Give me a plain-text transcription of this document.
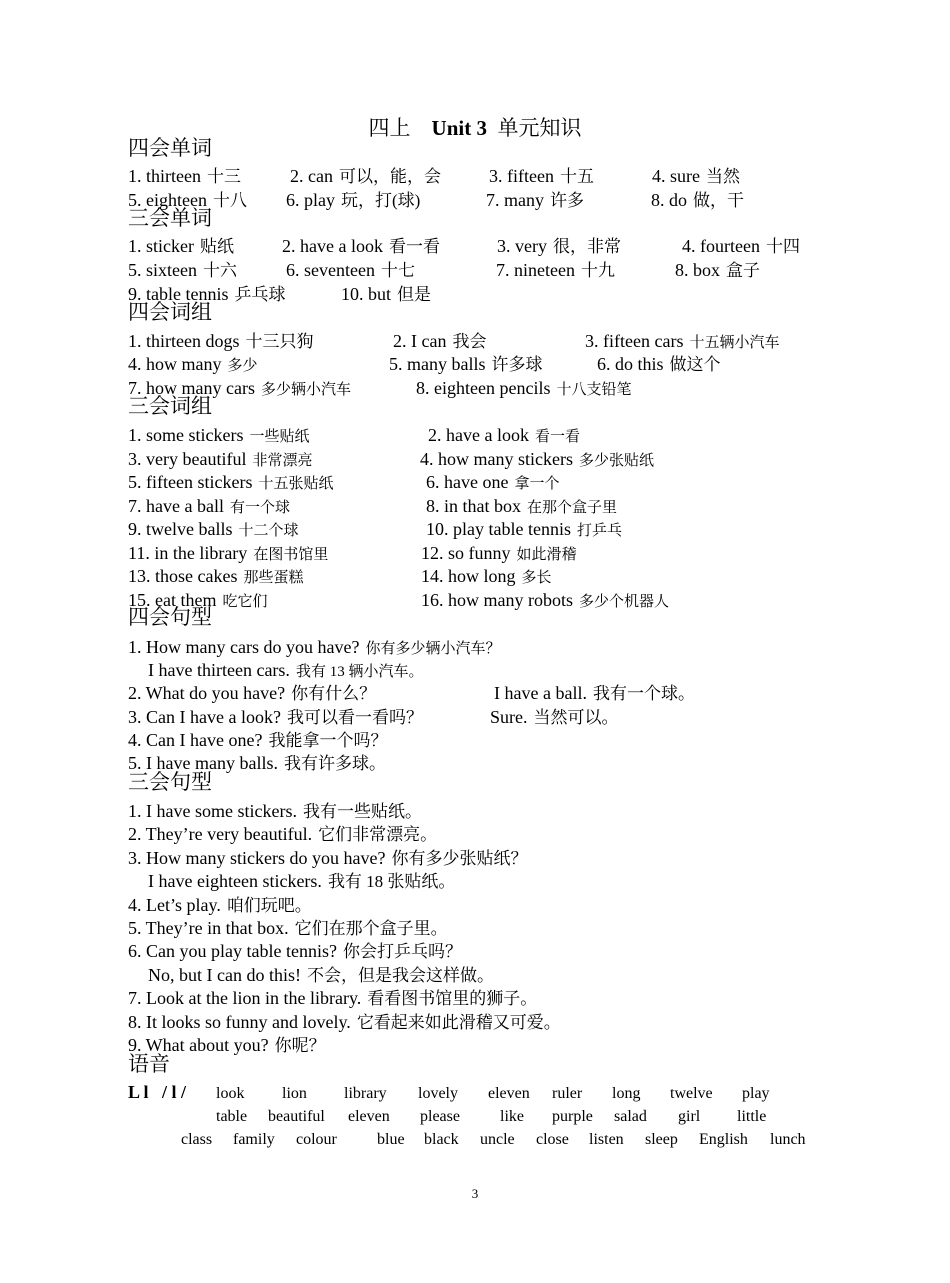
四上 Unit 3 单元知识
四会单词
1. thirteen 十三	2. can 可以，能，会	3. fifteen 十五	4. sure 当然
5. eighteen 十八 6. play 玩，打(球)	7. many 许多	8. do 做，干
三会单词
1. sticker 贴纸	2. have a look 看一看	3. very 很，非常	4. fourteen 十四
5. sixteen 十六	6. seventeen 十七	7. nineteen 十九	8. box 盒子
9. table tennis 乒乓球	10. but 但是
四会词组
1. thirteen dogs 十三只狗	2. I can 我会	3. fifteen cars 十五辆小汽车
4. how many 多少	5. many balls 许多球	6. do this 做这个
7. how many cars 多少辆小汽车	8. eighteen pencils 十八支铅笔
三会词组
1. some stickers 一些贴纸	2. have a look 看一看
3. very beautiful 非常漂亮	4. how many stickers 多少张贴纸
5. fifteen stickers 十五张贴纸	6. have one 拿一个
7. have a ball 有一个球	8. in that box 在那个盒子里
9. twelve balls 十二个球	10. play table tennis 打乒乓
11. in the library 在图书馆里	12. so funny 如此滑稽
13. those cakes 那些蛋糕	14. how long 多长
15. eat them 吃它们	16. how many robots 多少个机器人
四会句型
1. How many cars do you have? 你有多少辆小汽车？
I have thirteen cars. 我有 13 辆小汽车。
2. What do you have? 你有什么？	I have a ball. 我有一个球。
3. Can I have a look? 我可以看一看吗？	Sure. 当然可以。
4. Can I have one? 我能拿一个吗？
5. I have many balls. 我有许多球。
三会句型
1. I have some stickers. 我有一些贴纸。
2. They’re very beautiful. 它们非常漂亮。
3. How many stickers do you have? 你有多少张贴纸？
I have eighteen stickers. 我有 18 张贴纸。
4. Let’s play. 咱们玩吧。
5. They’re in that box. 它们在那个盒子里。
6. Can you play table tennis? 你会打乒乓吗？
No, but I can do this! 不会，但是我会这样做。
7. Look at the lion in the library. 看看图书馆里的狮子。
8. It looks so funny and lovely. 它看起来如此滑稽又可爱。
9. What about you? 你呢？
语音
L l   / l / look lion library lovely eleven ruler long twelve play
table beautiful eleven please	like purple salad girl little
class family colour	blue black uncle close listen sleep English lunch
3
